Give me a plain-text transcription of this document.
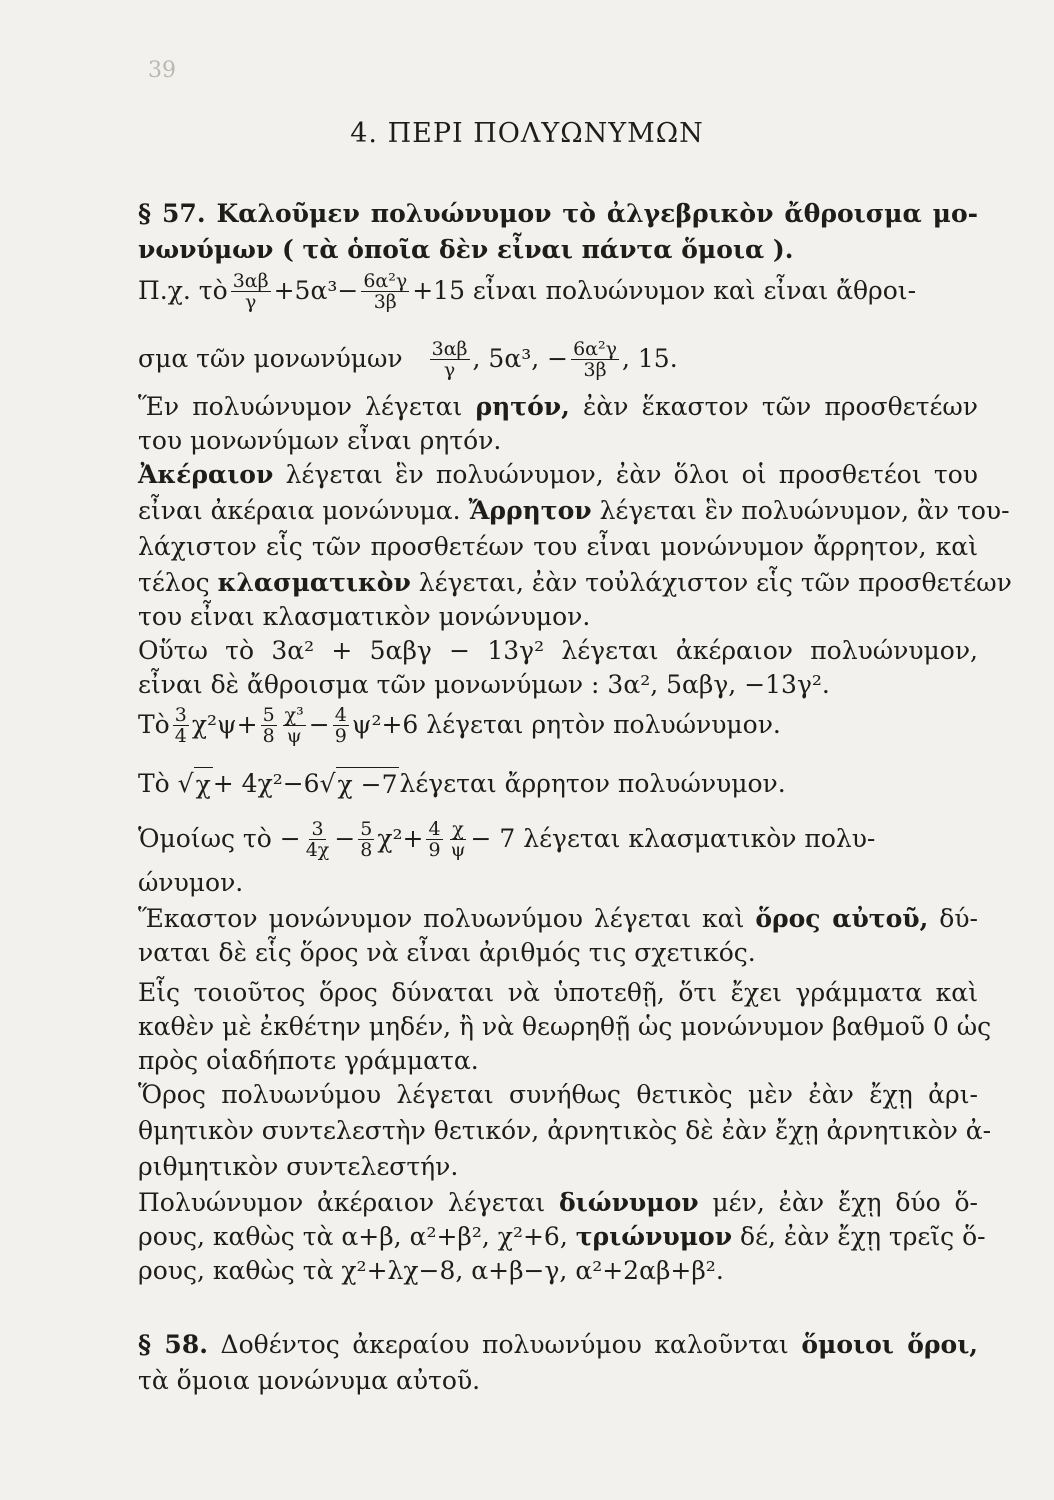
39
4. ΠΕΡΙ ΠΟΛΥΩΝΥΜΩΝ
§ 57. Καλοῦμεν πολυώνυμον τὸ ἀλγεβρικὸν ἄθροισμα μο-
νωνύμων ( τὰ ὁποῖα δὲν εἶναι πάντα ὅμοια ).
Π.χ. τὸ $\frac{3\alpha\beta}{\gamma} +5\alpha^3- \frac{\text{6α²γ}}{3\beta} +15$ εἶναι πολυώνυμον καὶ εἶναι ἄθροι-
σμα τῶν μονωνύμων $\frac{3\alpha\beta}{\gamma}$ , 5α³, − $\frac{\text{6α²γ}}{3\beta}$ , 15.
Ἕν πολυώνυμον λέγεται ρητόν, ἐὰν ἕκαστον τῶν προσθετέων
του μονωνύμων εἶναι ρητόν.
Ἀκέραιον λέγεται ἓν πολυώνυμον, ἐὰν ὅλοι οἱ προσθετέοι του
εἶναι ἀκέραια μονώνυμα. Ἄρρητον λέγεται ἓν πολυώνυμον, ἂν του-
λάχιστον εἷς τῶν προσθετέων του εἶναι μονώνυμον ἄρρητον, καὶ
τέλος κλασματικὸν λέγεται, ἐὰν τοὐλάχιστον εἷς τῶν προσθετέων
του εἶναι κλασματικὸν μονώνυμον.
Οὕτω τὸ 3α² + 5αβγ − 13γ² λέγεται ἀκέραιον πολυώνυμον,
εἶναι δὲ ἄθροισμα τῶν μονωνύμων : 3α², 5αβγ, −13γ².
Τὸ $\frac{3}{4} \chi^2\psi+ \frac{5}{8} \frac{\text{χ³}}{\psi} - \frac{4}{9} \psi^2+6$ λέγεται ρητὸν πολυώνυμον.
Τὸ √ χ + 4χ²−6√ χ −7 λέγεται ἄρρητον πολυώνυμον.
Ὁμοίως τὸ − $\frac{3}{4\chi} - \frac{5}{8} \chi^2+ \frac{4}{9} \frac{\chi}{\psi} - 7$ λέγεται κλασματικὸν πολυ-
ώνυμον.
Ἕκαστον μονώνυμον πολυωνύμου λέγεται καὶ ὅρος αὐτοῦ, δύ-
ναται δὲ εἷς ὅρος νὰ εἶναι ἀριθμός τις σχετικός.
Εἷς τοιοῦτος ὅρος δύναται νὰ ὑποτεθῇ, ὅτι ἔχει γράμματα καὶ
καθὲν μὲ ἐκθέτην μηδέν, ἢ νὰ θεωρηθῇ ὡς μονώνυμον βαθμοῦ 0 ὡς
πρὸς οἱαδήποτε γράμματα.
Ὅρος πολυωνύμου λέγεται συνήθως θετικὸς μὲν ἐὰν ἔχῃ ἀρι-
θμητικὸν συντελεστὴν θετικόν, ἀρνητικὸς δὲ ἐὰν ἔχῃ ἀρνητικὸν ἀ-
ριθμητικὸν συντελεστήν.
Πολυώνυμον ἀκέραιον λέγεται διώνυμον μέν, ἐὰν ἔχῃ δύο ὅ-
ρους, καθὼς τὰ α+β, α²+β², χ²+6, τριώνυμον δέ, ἐὰν ἔχῃ τρεῖς ὅ-
ρους, καθὼς τὰ χ²+λχ−8, α+β−γ, α²+2αβ+β².
§ 58. Δοθέντος ἀκεραίου πολυωνύμου καλοῦνται ὅμοιοι ὅροι,
τὰ ὅμοια μονώνυμα αὐτοῦ.
